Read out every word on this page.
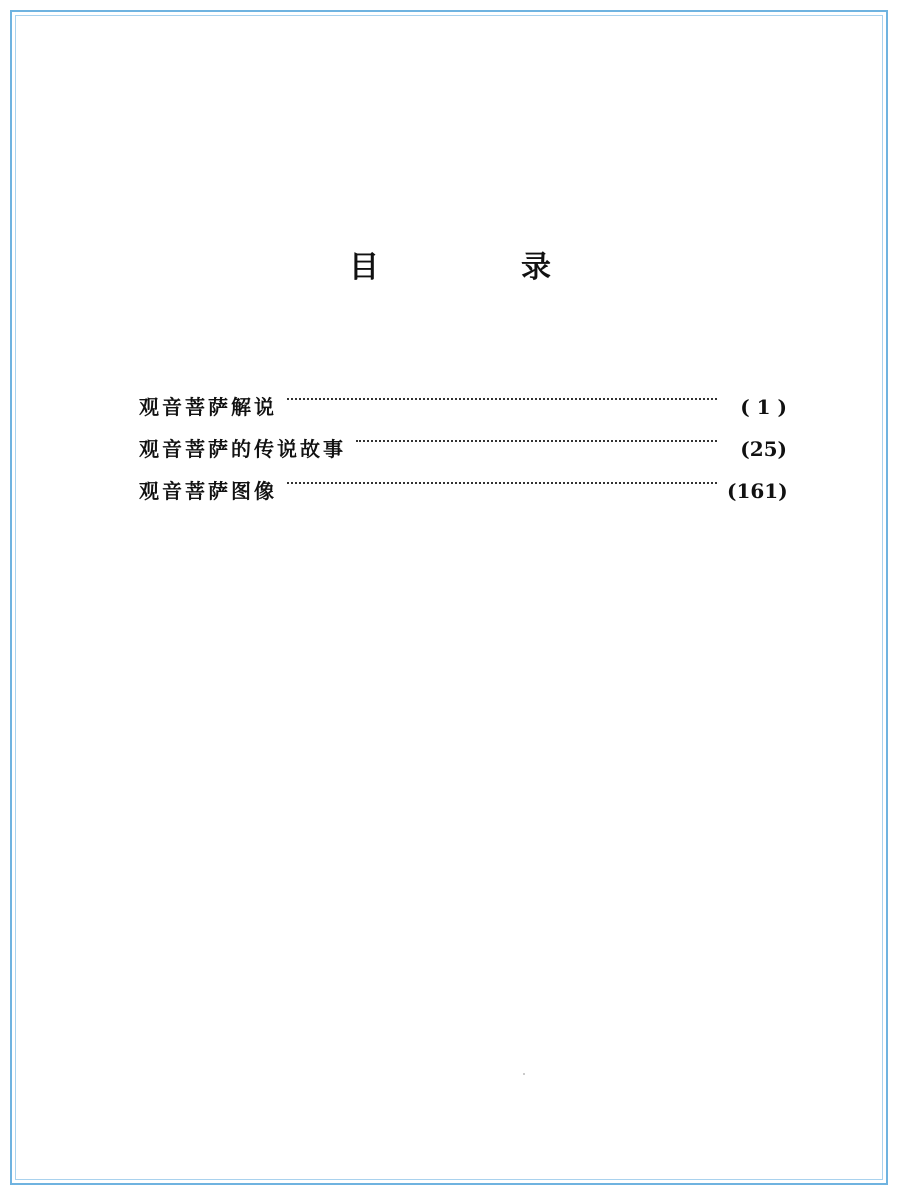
目　录
观音菩萨解说	( 1 )
观音菩萨的传说故事	(25)
观音菩萨图像	(161)
